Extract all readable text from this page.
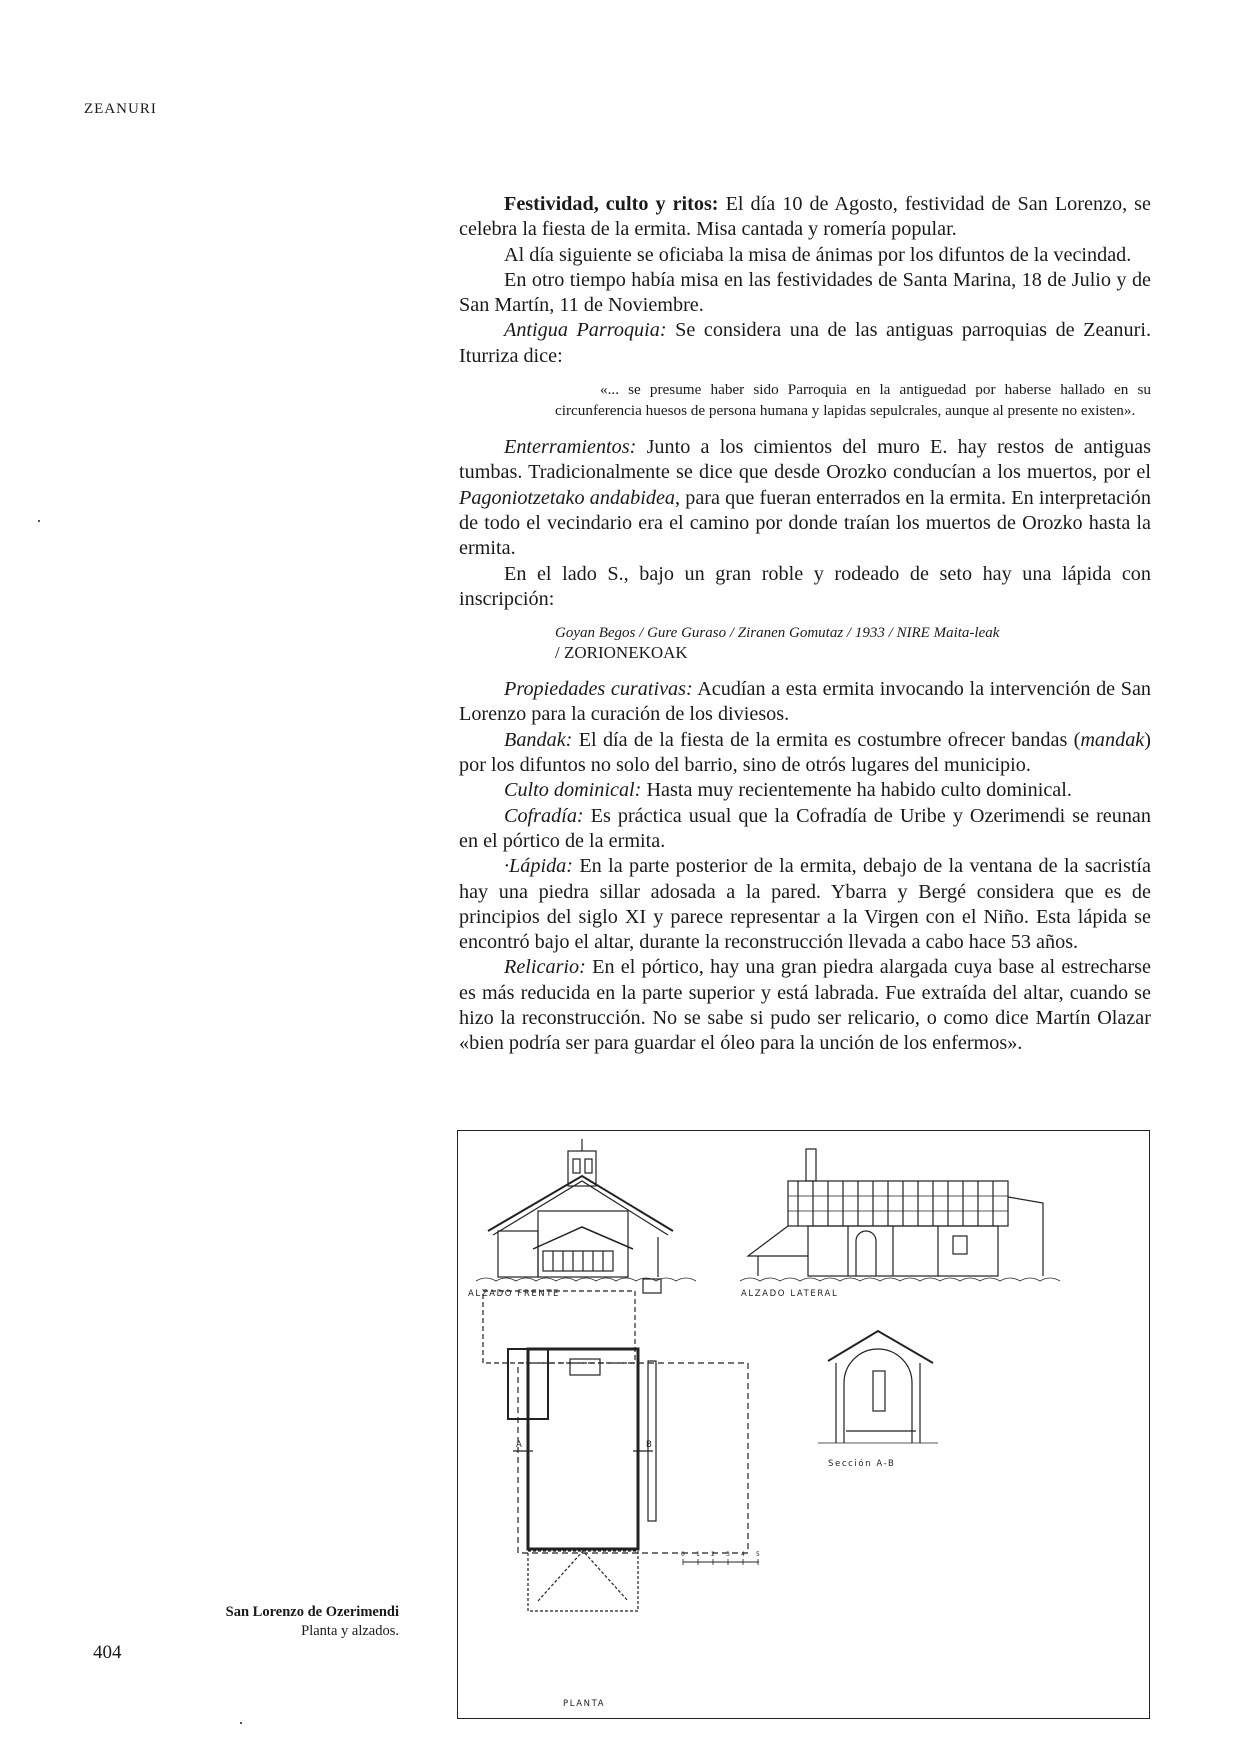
ZEANURI

Festividad, culto y ritos: El día 10 de Agosto, festividad de San Lorenzo, se celebra la fiesta de la ermita. Misa cantada y romería popular.

Al día siguiente se oficiaba la misa de ánimas por los difuntos de la vecindad.

En otro tiempo había misa en las festividades de Santa Marina, 18 de Julio y de San Martín, 11 de Noviembre.

Antigua Parroquia: Se considera una de las antiguas parroquias de Zeanuri. Iturriza dice:

«... se presume haber sido Parroquia en la antiguedad por haberse hallado en su circunferencia huesos de persona humana y lapidas sepulcrales, aunque al presente no existen».

Enterramientos: Junto a los cimientos del muro E. hay restos de antiguas tumbas. Tradicionalmente se dice que desde Orozko conducían a los muertos, por el Pagoniotzetako andabidea, para que fueran enterrados en la ermita. En interpretación de todo el vecindario era el camino por donde traían los muertos de Orozko hasta la ermita.

En el lado S., bajo un gran roble y rodeado de seto hay una lápida con inscripción:

Goyan Begos / Gure Guraso / Ziranen Gomutaz / 1933 / NIRE Maita-leak
/ ZORIONEKOAK

Propiedades curativas: Acudían a esta ermita invocando la intervención de San Lorenzo para la curación de los diviesos.

Bandak: El día de la fiesta de la ermita es costumbre ofrecer bandas (mandak) por los difuntos no solo del barrio, sino de otrós lugares del municipio.

Culto dominical: Hasta muy recientemente ha habido culto dominical.

Cofradía: Es práctica usual que la Cofradía de Uribe y Ozerimendi se reunan en el pórtico de la ermita.

·Lápida: En la parte posterior de la ermita, debajo de la ventana de la sacristía hay una piedra sillar adosada a la pared. Ybarra y Bergé considera que es de principios del siglo XI y parece representar a la Virgen con el Niño. Esta lápida se encontró bajo el altar, durante la reconstrucción llevada a cabo hace 53 años.

Relicario: En el pórtico, hay una gran piedra alargada cuya base al estrecharse es más reducida en la parte superior y está labrada. Fue extraída del altar, cuando se hizo la reconstrucción. No se sabe si pudo ser relicario, o como dice Martín Olazar «bien podría ser para guardar el óleo para la unción de los enfermos».

ALZADO FRENTE	ALZADO LATERAL
Sección A-B
PLANTA
A	B
0 1 2 3 4 5
San Lorenzo de Ozerimendi
Planta y alzados.
404
